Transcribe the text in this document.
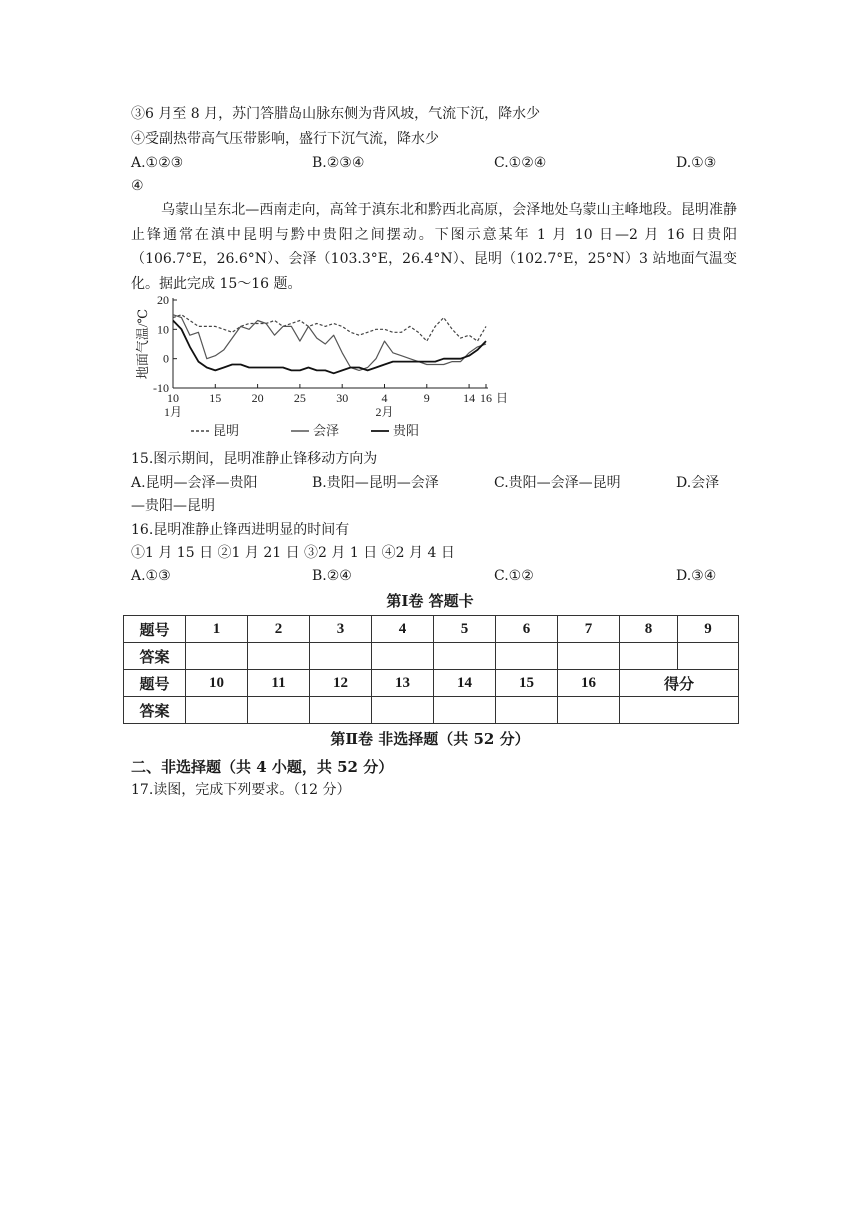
③6 月至 8 月，苏门答腊岛山脉东侧为背风坡，气流下沉，降水少
④受副热带高气压带影响，盛行下沉气流，降水少
A.①②③	B.②③④	C.①②④	D.①③
④
乌蒙山呈东北—西南走向，高耸于滇东北和黔西北高原，会泽地处乌蒙山主峰地段。昆明准静止锋通常在滇中昆明与黔中贵阳之间摆动。下图示意某年 1 月 10 日—2 月 16 日贵阳（106.7°E，26.6°N）、会泽（103.3°E，26.4°N）、昆明（102.7°E，25°N）3 站地面气温变化。据此完成 15～16 题。
-10
0
10
20
10	15	20	25	30	4	9	14 16 日
1月	2月
地面气温/℃
昆明	会泽	贵阳
15.图示期间，昆明准静止锋移动方向为
A.昆明—会泽—贵阳	B.贵阳—昆明—会泽	C.贵阳—会泽—昆明	D.会泽
—贵阳—昆明
16.昆明准静止锋西进明显的时间有
①1 月 15 日 ②1 月 21 日 ③2 月 1 日 ④2 月 4 日
A.①③	B.②④	C.①②	D.③④
第Ⅰ卷 答题卡
题号	1	2	3	4	5	6	7	8	9
答案									
题号	10	11	12	13	14	15	16	得分	
答案									
第Ⅱ卷 非选择题（共 52 分）
二、非选择题（共 4 小题，共 52 分）
17.读图，完成下列要求。（12 分）
